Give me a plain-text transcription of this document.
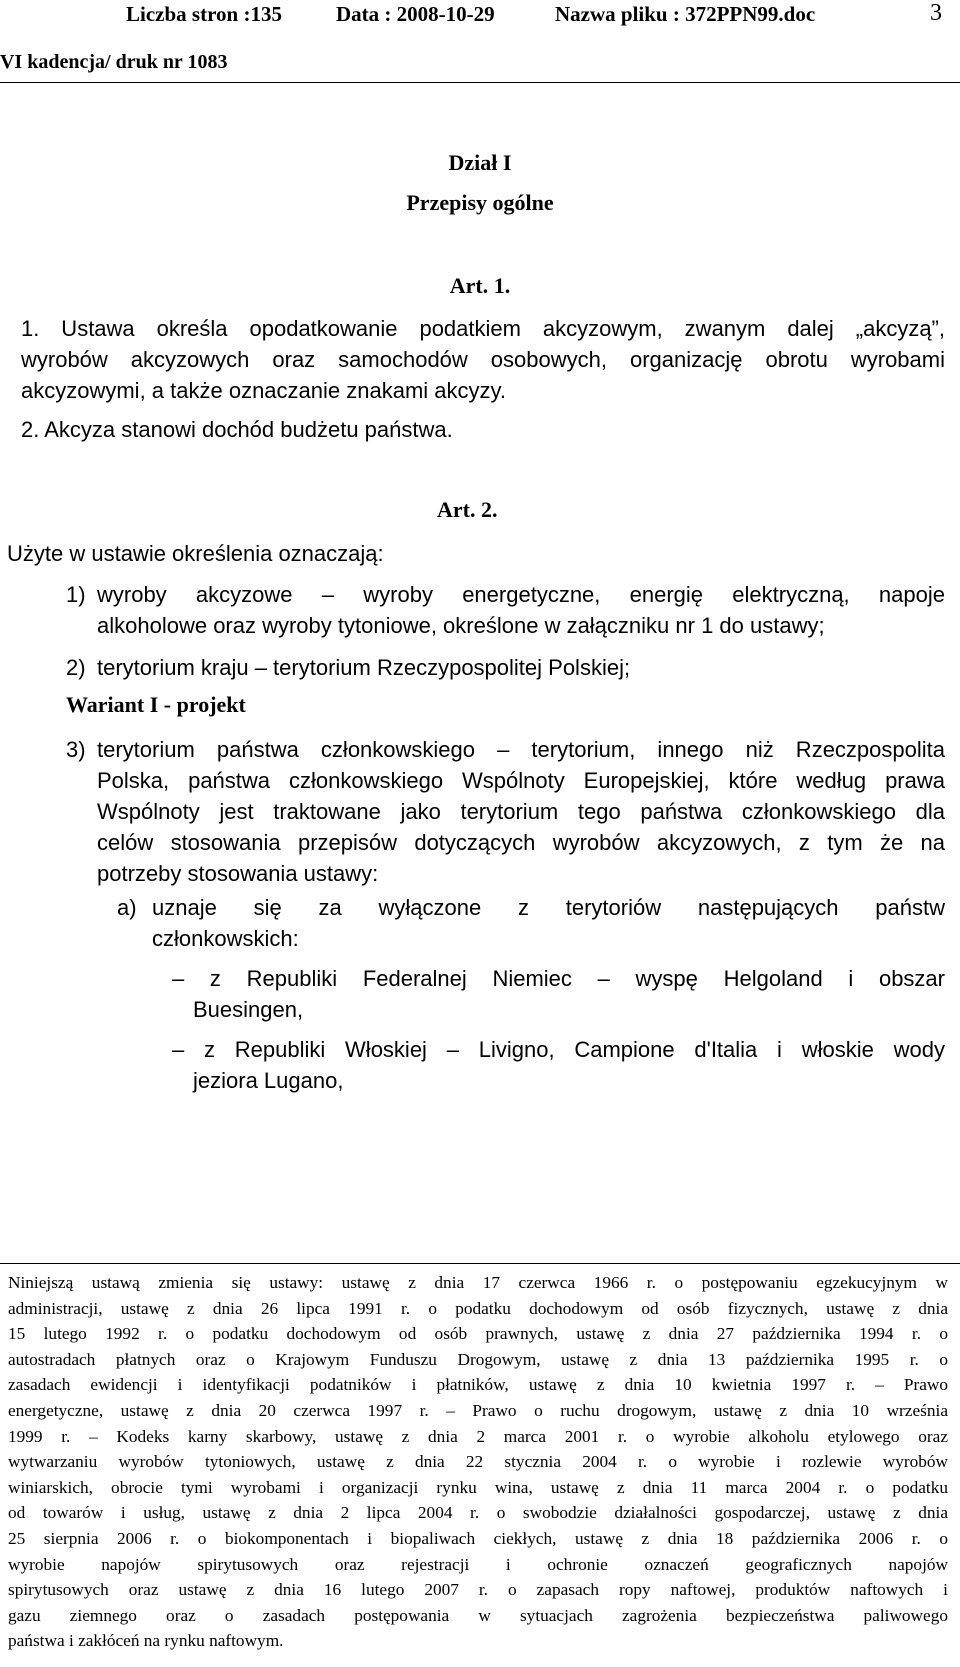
Liczba stron :135	Data : 2008-10-29	Nazwa pliku : 372PPN99.doc	3
VI kadencja/ druk nr 1083
Dział I
Przepisy ogólne
Art. 1.
1. Ustawa określa opodatkowanie podatkiem akcyzowym, zwanym dalej „akcyzą”,
wyrobów akcyzowych oraz samochodów osobowych, organizację obrotu wyrobami
akcyzowymi, a także oznaczanie znakami akcyzy.
2. Akcyza stanowi dochód budżetu państwa.
Art. 2.
Użyte w ustawie określenia oznaczają:
1) wyroby akcyzowe – wyroby energetyczne, energię elektryczną, napoje
alkoholowe oraz wyroby tytoniowe, określone w załączniku nr 1 do ustawy;
2) terytorium kraju – terytorium Rzeczypospolitej Polskiej;
Wariant I - projekt
3) terytorium państwa członkowskiego – terytorium, innego niż Rzeczpospolita
Polska, państwa członkowskiego Wspólnoty Europejskiej, które według prawa
Wspólnoty jest traktowane jako terytorium tego państwa członkowskiego dla
celów stosowania przepisów dotyczących wyrobów akcyzowych, z tym że na
potrzeby stosowania ustawy:
a) uznaje się za wyłączone z terytoriów następujących państw
członkowskich:
– z Republiki Federalnej Niemiec – wyspę Helgoland i obszar
Buesingen,
– z Republiki Włoskiej – Livigno, Campione d'Italia i włoskie wody
jeziora Lugano,
Niniejszą ustawą zmienia się ustawy: ustawę z dnia 17 czerwca 1966 r. o postępowaniu egzekucyjnym w
administracji, ustawę z dnia 26 lipca 1991 r. o podatku dochodowym od osób fizycznych, ustawę z dnia
15 lutego 1992 r. o podatku dochodowym od osób prawnych, ustawę z dnia 27 października 1994 r. o
autostradach płatnych oraz o Krajowym Funduszu Drogowym, ustawę z dnia 13 października 1995 r. o
zasadach ewidencji i identyfikacji podatników i płatników, ustawę z dnia 10 kwietnia 1997 r. – Prawo
energetyczne, ustawę z dnia 20 czerwca 1997 r. – Prawo o ruchu drogowym, ustawę z dnia 10 września
1999 r. – Kodeks karny skarbowy, ustawę z dnia 2 marca 2001 r. o wyrobie alkoholu etylowego oraz
wytwarzaniu wyrobów tytoniowych, ustawę z dnia 22 stycznia 2004 r. o wyrobie i rozlewie wyrobów
winiarskich, obrocie tymi wyrobami i organizacji rynku wina, ustawę z dnia 11 marca 2004 r. o podatku
od towarów i usług, ustawę z dnia 2 lipca 2004 r. o swobodzie działalności gospodarczej, ustawę z dnia
25 sierpnia 2006 r. o biokomponentach i biopaliwach ciekłych, ustawę z dnia 18 października 2006 r. o
wyrobie napojów spirytusowych oraz rejestracji i ochronie oznaczeń geograficznych napojów
spirytusowych oraz ustawę z dnia 16 lutego 2007 r. o zapasach ropy naftowej, produktów naftowych i
gazu ziemnego oraz o zasadach postępowania w sytuacjach zagrożenia bezpieczeństwa paliwowego
państwa i zakłóceń na rynku naftowym.
